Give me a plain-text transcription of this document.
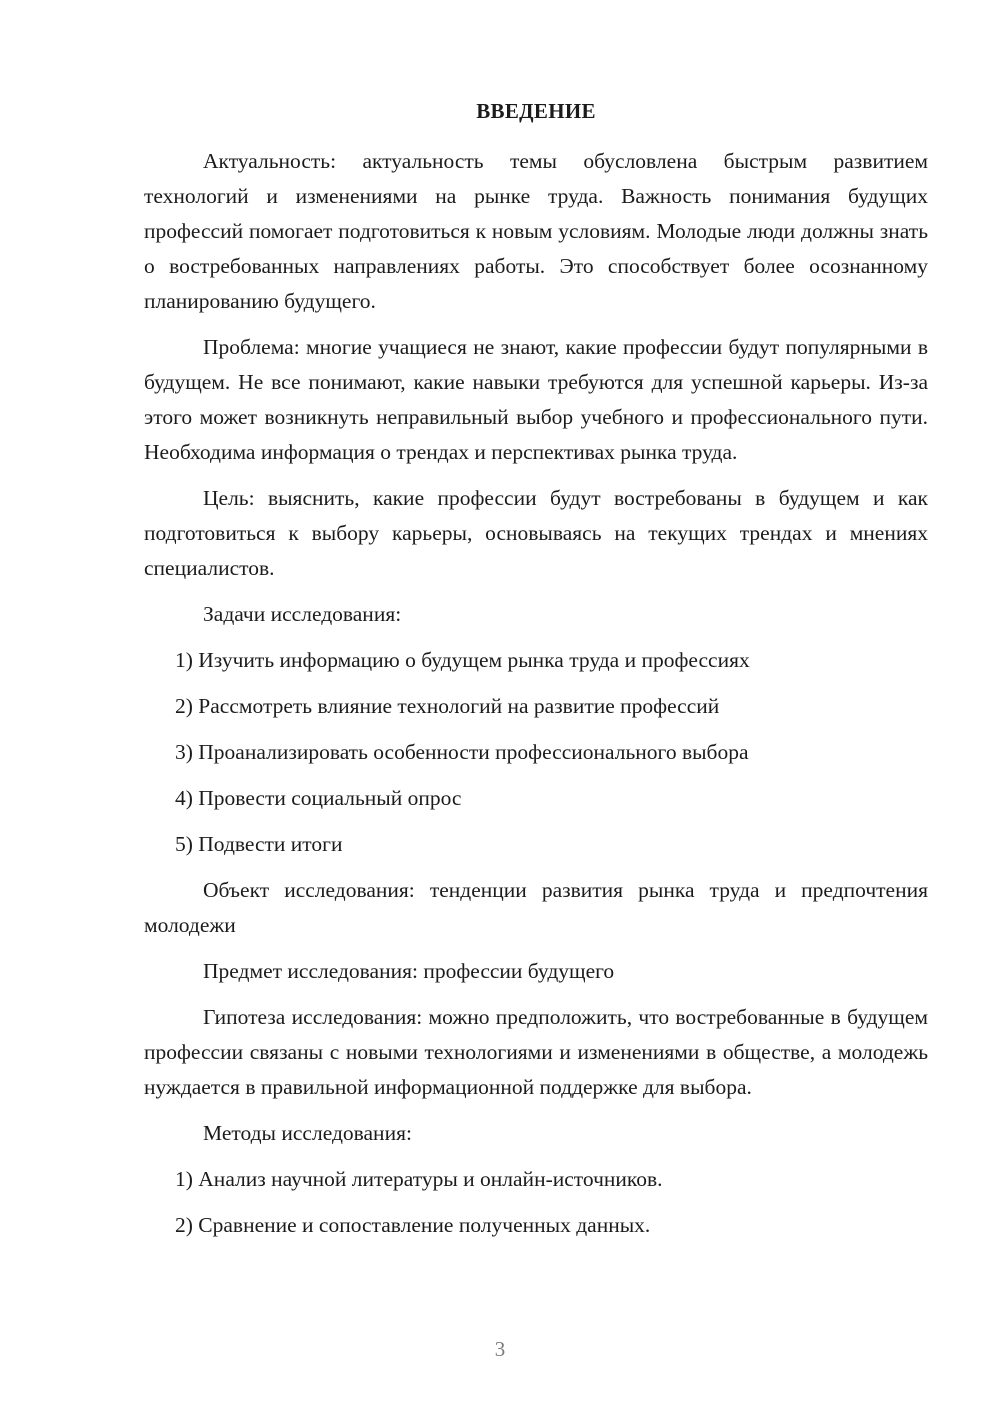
ВВЕДЕНИЕ

Актуальность: актуальность темы обусловлена быстрым развитием технологий и изменениями на рынке труда. Важность понимания будущих профессий помогает подготовиться к новым условиям. Молодые люди должны знать о востребованных направлениях работы. Это способствует более осознанному планированию будущего.

Проблема: многие учащиеся не знают, какие профессии будут популярными в будущем. Не все понимают, какие навыки требуются для успешной карьеры. Из-за этого может возникнуть неправильный выбор учебного и профессионального пути. Необходима информация о трендах и перспективах рынка труда.

Цель: выяснить, какие профессии будут востребованы в будущем и как подготовиться к выбору карьеры, основываясь на текущих трендах и мнениях специалистов.

Задачи исследования:

1) Изучить информацию о будущем рынка труда и профессиях

2) Рассмотреть влияние технологий на развитие профессий

3) Проанализировать особенности профессионального выбора

4) Провести социальный опрос

5) Подвести итоги

Объект исследования: тенденции развития рынка труда и предпочтения молодежи

Предмет исследования: профессии будущего

Гипотеза исследования: можно предположить, что востребованные в будущем профессии связаны с новыми технологиями и изменениями в обществе, а молодежь нуждается в правильной информационной поддержке для выбора.

Методы исследования:

1) Анализ научной литературы и онлайн-источников.

2) Сравнение и сопоставление полученных данных.

3
